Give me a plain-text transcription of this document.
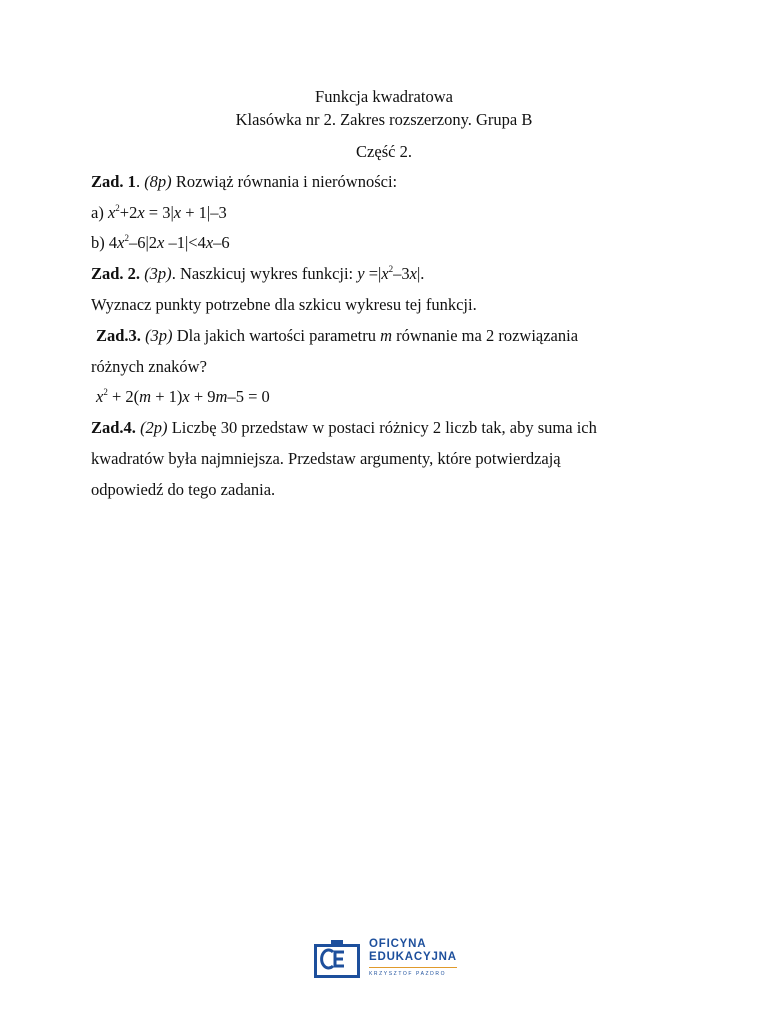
Funkcja kwadratowa
Klasówka nr 2. Zakres rozszerzony. Grupa B
Część 2.
Zad. 1. (8p) Rozwiąż równania i nierówności:
a) $x^2+2x = 3|x + 1|-3$
b) $4x^2-6|2x$ –1|<4x–6
Zad. 2. (3p). Naszkicuj wykres funkcji: $y =|x^2-3x|$.
Wyznacz punkty potrzebne dla szkicu wykresu tej funkcji.
Zad.3. (3p) Dla jakich wartości parametru m równanie ma 2 rozwiązania
różnych znaków?
$x^2 + 2(m + 1)x + 9m-5 = 0$
Zad.4. (2p) Liczbę 30 przedstaw w postaci różnicy 2 liczb tak, aby suma ich
kwadratów była najmniejsza. Przedstaw argumenty, które potwierdzają
odpowiedź do tego zadania.
OFICYNA
EDUKACYJNA
KRZYSZTOF PAZDRO
